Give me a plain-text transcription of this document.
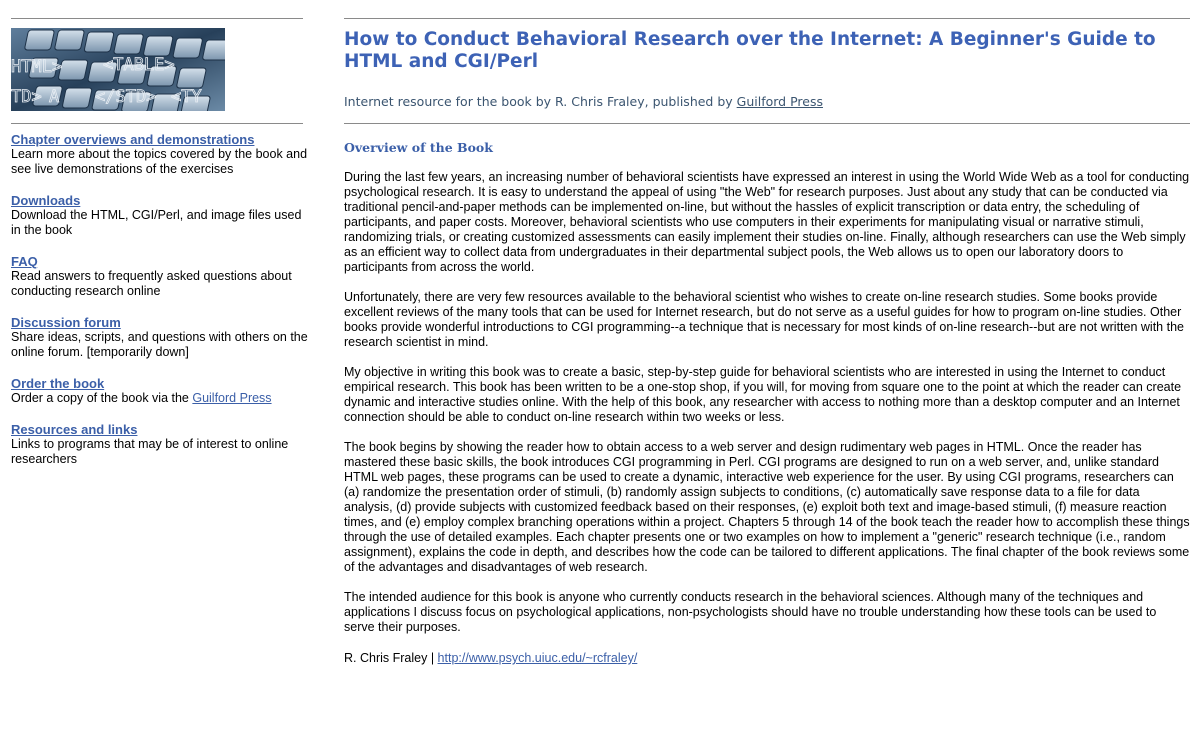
HTML> <TABLE>
TD> A </STD> <TY
Chapter overviews and demonstrations
Learn more about the topics covered by the book and see live demonstrations of the exercises
Downloads
Download the HTML, CGI/Perl, and image files used in the book
FAQ
Read answers to frequently asked questions about conducting research online
Discussion forum
Share ideas, scripts, and questions with others on the online forum. [temporarily down]
Order the book
Order a copy of the book via the Guilford Press
Resources and links
Links to programs that may be of interest to online researchers
How to Conduct Behavioral Research over the Internet: A Beginner's Guide to HTML and CGI/Perl
Internet resource for the book by R. Chris Fraley, published by Guilford Press
Overview of the Book

During the last few years, an increasing number of behavioral scientists have expressed an interest in using the World Wide Web as a tool for conducting psychological research. It is easy to understand the appeal of using "the Web" for research purposes. Just about any study that can be conducted via traditional pencil-and-paper methods can be implemented on-line, but without the hassles of explicit transcription or data entry, the scheduling of participants, and paper costs. Moreover, behavioral scientists who use computers in their experiments for manipulating visual or narrative stimuli, randomizing trials, or creating customized assessments can easily implement their studies on-line. Finally, although researchers can use the Web simply as an efficient way to collect data from undergraduates in their departmental subject pools, the Web allows us to open our laboratory doors to participants from across the world.

Unfortunately, there are very few resources available to the behavioral scientist who wishes to create on-line research studies. Some books provide excellent reviews of the many tools that can be used for Internet research, but do not serve as a useful guides for how to program on-line studies. Other books provide wonderful introductions to CGI programming--a technique that is necessary for most kinds of on-line research--but are not written with the research scientist in mind.

My objective in writing this book was to create a basic, step-by-step guide for behavioral scientists who are interested in using the Internet to conduct empirical research. This book has been written to be a one-stop shop, if you will, for moving from square one to the point at which the reader can create dynamic and interactive studies online. With the help of this book, any researcher with access to nothing more than a desktop computer and an Internet connection should be able to conduct on-line research within two weeks or less.

The book begins by showing the reader how to obtain access to a web server and design rudimentary web pages in HTML. Once the reader has mastered these basic skills, the book introduces CGI programming in Perl. CGI programs are designed to run on a web server, and, unlike standard HTML web pages, these programs can be used to create a dynamic, interactive web experience for the user. By using CGI programs, researchers can (a) randomize the presentation order of stimuli, (b) randomly assign subjects to conditions, (c) automatically save response data to a file for data analysis, (d) provide subjects with customized feedback based on their responses, (e) exploit both text and image-based stimuli, (f) measure reaction times, and (e) employ complex branching operations within a project. Chapters 5 through 14 of the book teach the reader how to accomplish these things through the use of detailed examples. Each chapter presents one or two examples on how to implement a "generic" research technique (i.e., random assignment), explains the code in depth, and describes how the code can be tailored to different applications. The final chapter of the book reviews some of the advantages and disadvantages of web research.

The intended audience for this book is anyone who currently conducts research in the behavioral sciences. Although many of the techniques and applications I discuss focus on psychological applications, non-psychologists should have no trouble understanding how these tools can be used to serve their purposes.

R. Chris Fraley | http://www.psych.uiuc.edu/~rcfraley/
